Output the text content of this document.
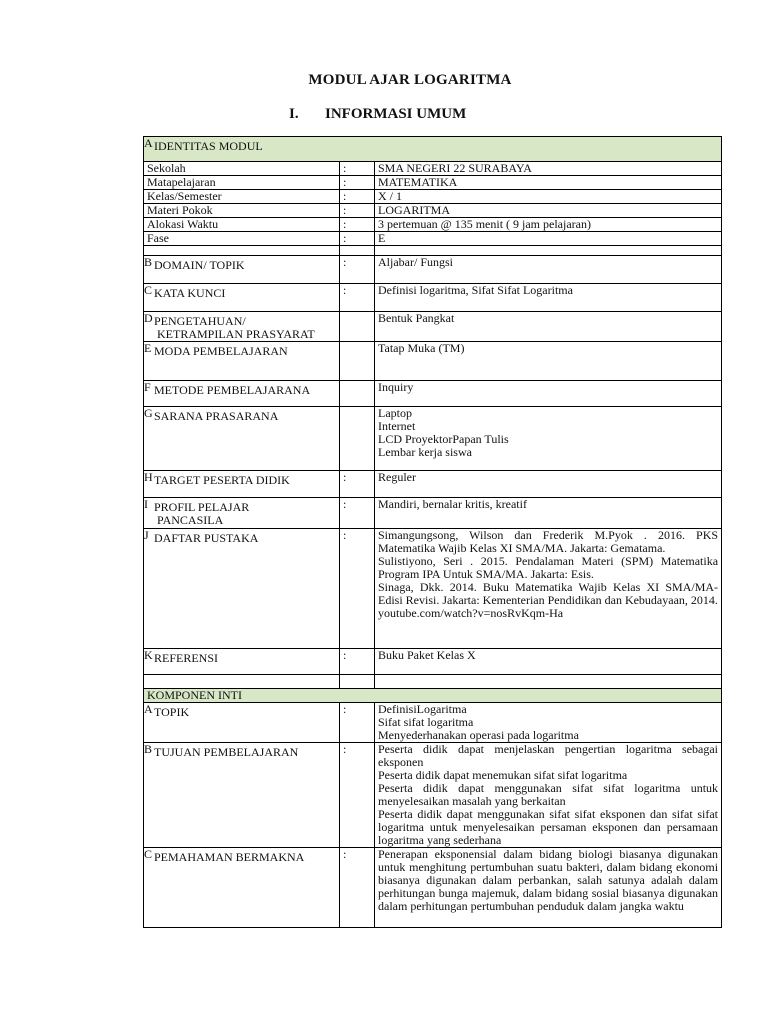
MODUL AJAR LOGARITMA
I. INFORMASI UMUM
AIDENTITAS MODUL		
Sekolah	:	SMA NEGERI 22 SURABAYA
Matapelajaran	:	MATEMATIKA
Kelas/Semester	:	X / 1
Materi Pokok	:	LOGARITMA
Alokasi Waktu	:	3 pertemuan @ 135 menit ( 9 jam pelajaran)
Fase	:	E

B DOMAIN/ TOPIK	:	Aljabar/ Fungsi
C KATA KUNCI	:	Definisi logaritma, Sifat Sifat Logaritma
DPENGETAHUAN/
KETRAMPILAN PRASYARAT		Bentuk Pangkat
E MODA PEMBELAJARAN		Tatap Muka (TM)
F METODE PEMBELAJARANA		Inquiry
GSARANA PRASARANA		Laptop
Internet
LCD ProyektorPapan Tulis
Lembar kerja siswa

HTARGET PESERTA DIDIK	:	Reguler
I PROFIL PELAJAR
PANCASILA	:	Mandiri, bernalar kritis, kreatif
J DAFTAR PUSTAKA	:	Simangungsong, Wilson dan Frederik M.Pyok . 2016. PKS Matematika Wajib Kelas XI SMA/MA. Jakarta: Gematama.
Sulistiyono, Seri . 2015. Pendalaman Materi (SPM) Matematika Program IPA Untuk SMA/MA. Jakarta: Esis.
Sinaga, Dkk. 2014. Buku Matematika Wajib Kelas XI SMA/MA- Edisi Revisi. Jakarta: Kementerian Pendidikan dan Kebudayaan, 2014.
youtube.com/watch?v=nosRvKqm-Ha

KREFERENSI	:	Buku Paket Kelas X

KOMPONEN INTI		
ATOPIK	:	DefinisiLogaritma
Sifat sifat logaritma
Menyederhanakan operasi pada logaritma

B TUJUAN PEMBELAJARAN	:	Peserta didik dapat menjelaskan pengertian logaritma sebagai eksponen
Peserta didik dapat menemukan sifat sifat logaritma
Peserta didik dapat menggunakan sifat sifat logaritma untuk menyelesaikan masalah yang berkaitan
Peserta didik dapat menggunakan sifat sifat eksponen dan sifat sifat logaritma untuk menyelesaikan persaman eksponen dan persamaan logaritma yang sederhana

C PEMAHAMAN BERMAKNA	:	Penerapan eksponensial dalam bidang biologi biasanya digunakan untuk menghitung pertumbuhan suatu bakteri, dalam bidang ekonomi biasanya digunakan dalam perbankan, salah satunya adalah dalam perhitungan bunga majemuk, dalam bidang sosial biasanya digunakan dalam perhitungan pertumbuhan penduduk dalam jangka waktu
